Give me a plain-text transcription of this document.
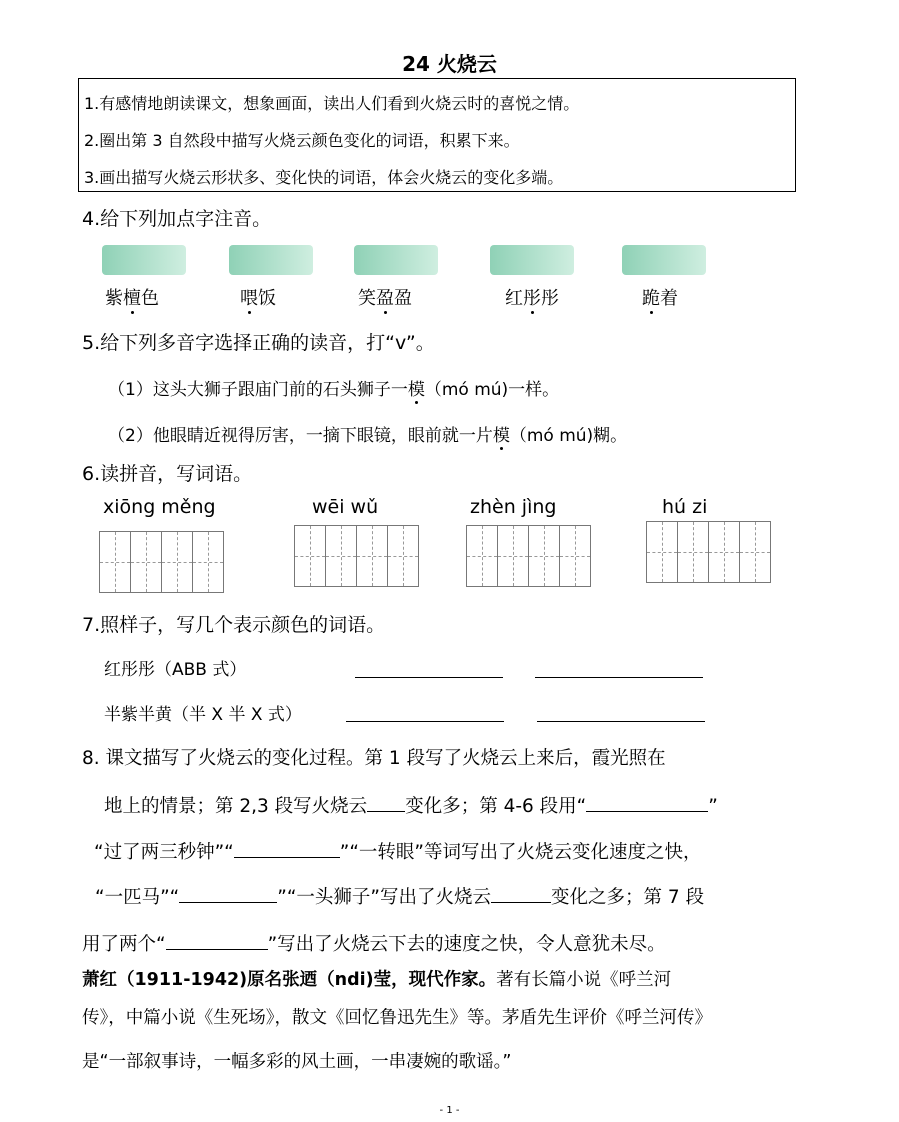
24 火烧云
1.有感情地朗读课文，想象画面，读出人们看到火烧云时的喜悦之情。
2.圈出第 3 自然段中描写火烧云颜色变化的词语，积累下来。
3.画出描写火烧云形状多、变化快的词语，体会火烧云的变化多端。
4.给下列加点字注音。
紫檀色	喂饭	笑盈盈	红彤彤	跪着
5.给下列多音字选择正确的读音，打“v”。
（1）这头大狮子跟庙门前的石头狮子一模（mó mú)一样。
（2）他眼睛近视得厉害，一摘下眼镜，眼前就一片模（mó mú)糊。
6.读拼音，写词语。
xiōng měng	wēi wǔ	zhèn jìng	hú zi
7.照样子，写几个表示颜色的词语。
红彤彤（ABB 式）
半紫半黄（半 X 半 X 式）
8. 课文描写了火烧云的变化过程。第 1 段写了火烧云上来后，霞光照在
地上的情景；第 2,3 段写火烧云 变化多；第 4-6 段用“	”
“过了两三秒钟”“	”“一转眼”等词写出了火烧云变化速度之快，
“一匹马”“	”“一头狮子”写出了火烧云	变化之多；第 7 段
用了两个“	”写出了火烧云下去的速度之快，令人意犹未尽。
萧红（1911-1942)原名张迺（ndi)莹，现代作家。著有长篇小说《呼兰河
传》，中篇小说《生死场》，散文《回忆鲁迅先生》等。茅盾先生评价《呼兰河传》
是“一部叙事诗，一幅多彩的风土画，一串凄婉的歌谣。”
- 1 -
